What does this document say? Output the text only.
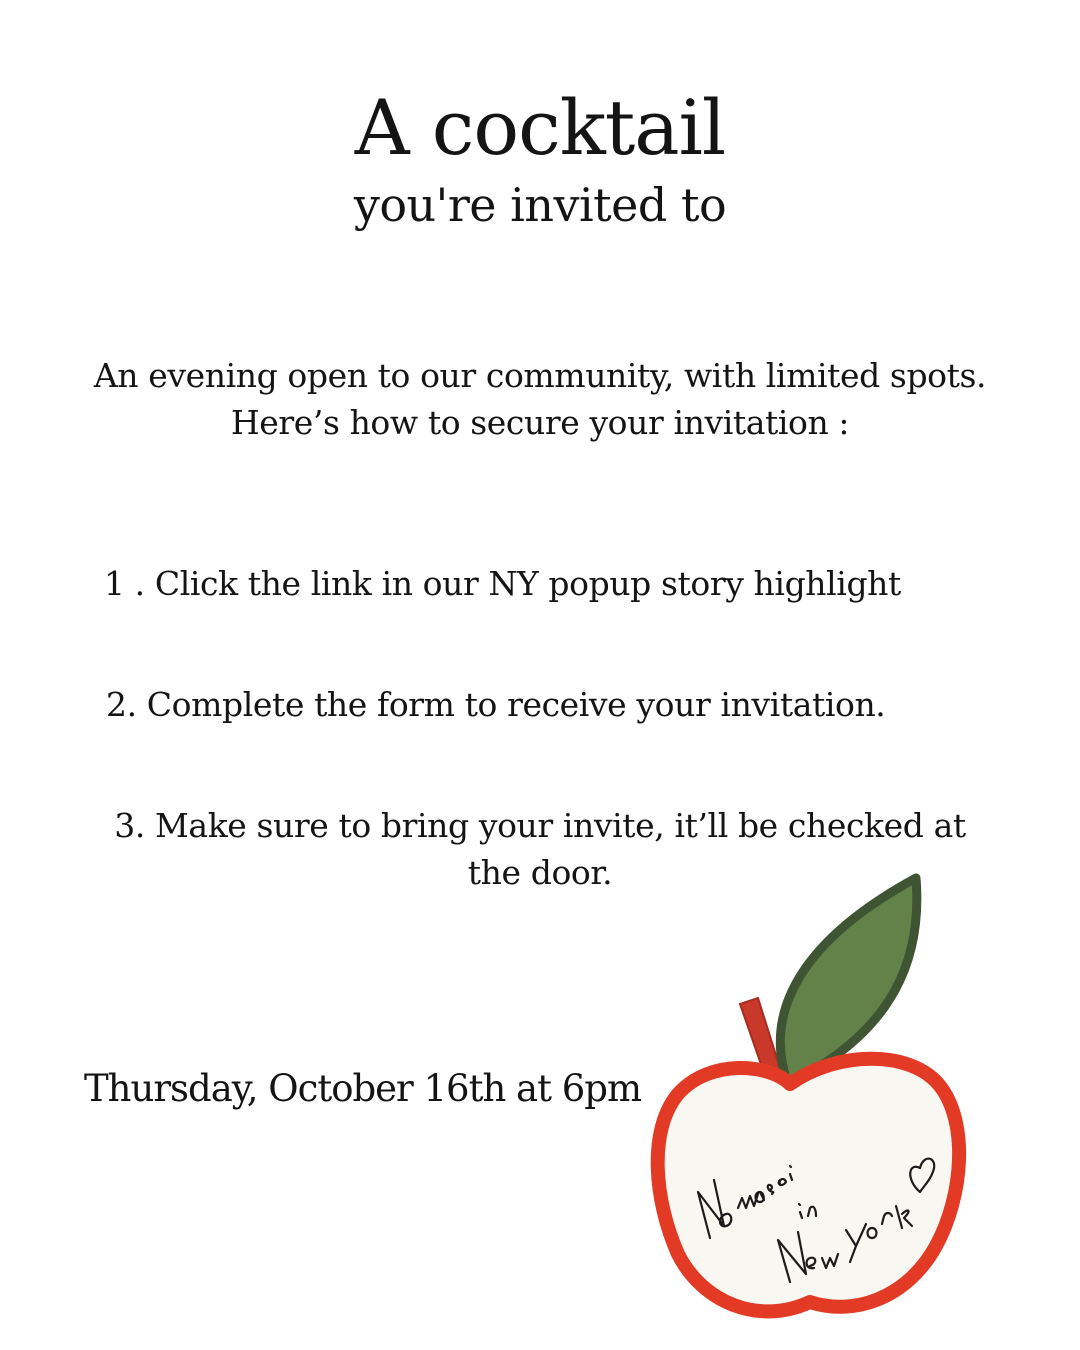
A cocktail
you're invited to
An evening open to our community, with limited spots.
Here’s how to secure your invitation :
1 . Click the link in our NY popup story highlight
2. Complete the form to receive your invitation.
3. Make sure to bring your invite, it’ll be checked at
the door.
Thursday, October 16th at 6pm
